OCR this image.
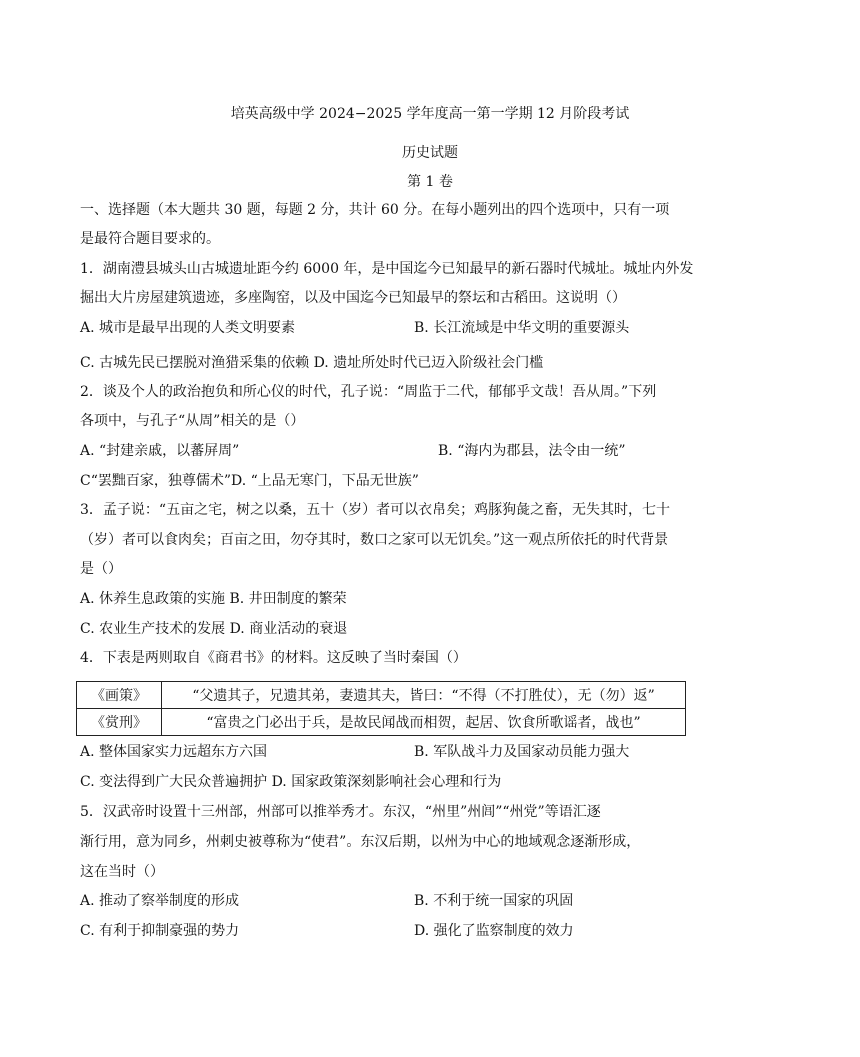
培英高级中学 2024−2025 学年度高一第一学期 12 月阶段考试
历史试题
第 1 卷
一、选择题（本大题共 30 题，每题 2 分，共计 60 分。在每小题列出的四个选项中，只有一项
是最符合题目要求的。
1．湖南澧县城头山古城遗址距今约 6000 年，是中国迄今已知最早的新石器时代城址。城址内外发
掘出大片房屋建筑遗迹，多座陶窑，以及中国迄今已知最早的祭坛和古稻田。这说明（）
A. 城市是最早出现的人类文明要素	B. 长江流域是中华文明的重要源头
C. 古城先民已摆脱对渔猎采集的依赖 D. 遗址所处时代已迈入阶级社会门槛
2．谈及个人的政治抱负和所心仪的时代，孔子说：“周监于二代，郁郁乎文哉！吾从周。”下列
各项中，与孔子“从周”相关的是（）
A. “封建亲戚，以蕃屏周”	B. “海内为郡县，法令由一统”
C“罢黜百家，独尊儒术”D. “上品无寒门，下品无世族”
3．孟子说：“五亩之宅，树之以桑，五十（岁）者可以衣帛矣；鸡豚狗彘之畜，无失其时，七十
（岁）者可以食肉矣；百亩之田，勿夺其时，数口之家可以无饥矣。”这一观点所依托的时代背景
是（）
A. 休养生息政策的实施 B. 井田制度的繁荣
C. 农业生产技术的发展 D. 商业活动的衰退
4．下表是两则取自《商君书》的材料。这反映了当时秦国（）
《画策》	“父遗其子，兄遗其弟，妻遗其夫，皆曰：“不得（不打胜仗），无（勿）返”
《赏刑》	“富贵之门必出于兵，是故民闻战而相贺，起居、饮食所歌谣者，战也”
A. 整体国家实力远超东方六国	B. 军队战斗力及国家动员能力强大
C. 变法得到广大民众普遍拥护 D. 国家政策深刻影响社会心理和行为
5．汉武帝时设置十三州部，州部可以推举秀才。东汉，“州里”州闾”“州党”等语汇逐
渐行用，意为同乡，州刺史被尊称为“使君”。东汉后期，以州为中心的地域观念逐渐形成，
这在当时（）
A. 推动了察举制度的形成	B. 不利于统一国家的巩固
C. 有利于抑制豪强的势力	D. 强化了监察制度的效力
